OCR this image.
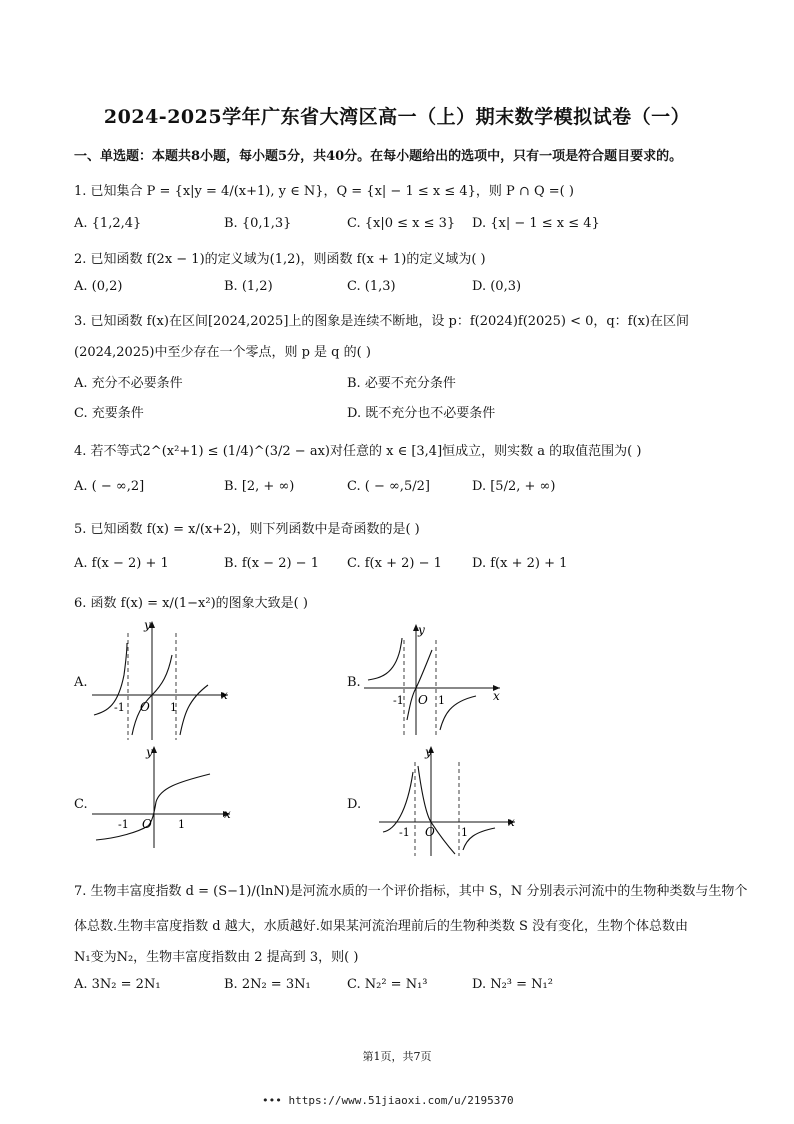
2024-2025学年广东省大湾区高一（上）期末数学模拟试卷（一）
一、单选题：本题共8小题，每小题5分，共40分。在每小题给出的选项中，只有一项是符合题目要求的。
1. 已知集合 P = {x|y = 4/(x+1), y ∈ N}，Q = {x| − 1 ≤ x ≤ 4}，则 P ∩ Q =( )
A. {1,2,4}	B. {0,1,3}	C. {x|0 ≤ x ≤ 3} D. {x| − 1 ≤ x ≤ 4}
2. 已知函数 f(2x − 1)的定义域为(1,2)，则函数 f(x + 1)的定义域为( )
A. (0,2)	B. (1,2)	C. (1,3)	D. (0,3)
3. 已知函数 f(x)在区间[2024,2025]上的图象是连续不断地，设 p：f(2024)f(2025) < 0，q：f(x)在区间
(2024,2025)中至少存在一个零点，则 p 是 q 的( )
A. 充分不必要条件	B. 必要不充分条件
C. 充要条件	D. 既不充分也不必要条件
4. 若不等式2^(x²+1) ≤ (1/4)^(3/2 − ax)对任意的 x ∈ [3,4]恒成立，则实数 a 的取值范围为( )
A. ( − ∞,2]	B. [2, + ∞)	C. ( − ∞,5/2]	D. [5/2, + ∞)
5. 已知函数 f(x) = x/(x+2)，则下列函数中是奇函数的是( )
A. f(x − 2) + 1	B. f(x − 2) − 1 C. f(x + 2) − 1 D. f(x + 2) + 1
6. 函数 f(x) = x/(1−x²)的图象大致是( )
A.	B.
C.	D.
y
x
O
-1	1
y
x
O
-1	1
y
x
O
-1	1
y
x
O
-1	1
7. 生物丰富度指数 d = (S−1)/(lnN)是河流水质的一个评价指标，其中 S，N 分别表示河流中的生物种类数与生物个
体总数.生物丰富度指数 d 越大，水质越好.如果某河流治理前后的生物种类数 S 没有变化，生物个体总数由
N₁变为N₂，生物丰富度指数由 2 提高到 3，则( )
A. 3N₂ = 2N₁	B. 2N₂ = 3N₁	C. N₂² = N₁³	D. N₂³ = N₁²
第1页，共7页
••• https://www.51jiaoxi.com/u/2195370
